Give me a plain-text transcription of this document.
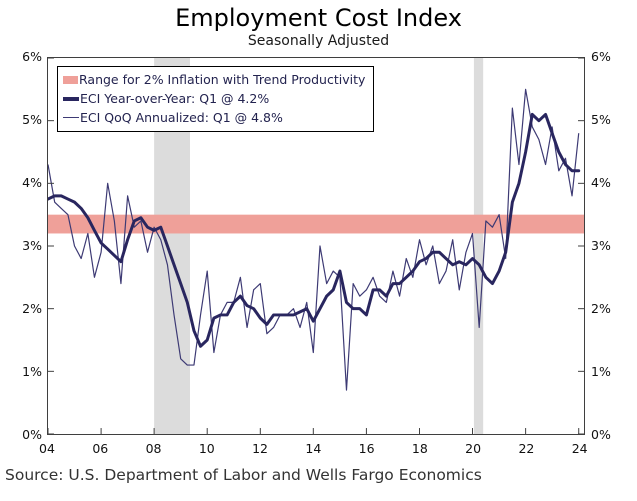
Employment Cost Index
Seasonally Adjusted
0%
1%
2%
3%
4%
5%
6%
0%
1%
2%
3%
4%
5%
6%
04	06	08	10	12	14	16	18	20	22	24
Range for 2% Inflation with Trend Productivity
ECI Year-over-Year: Q1 @ 4.2%
ECI QoQ Annualized: Q1 @ 4.8%
Source: U.S. Department of Labor and Wells Fargo Economics
